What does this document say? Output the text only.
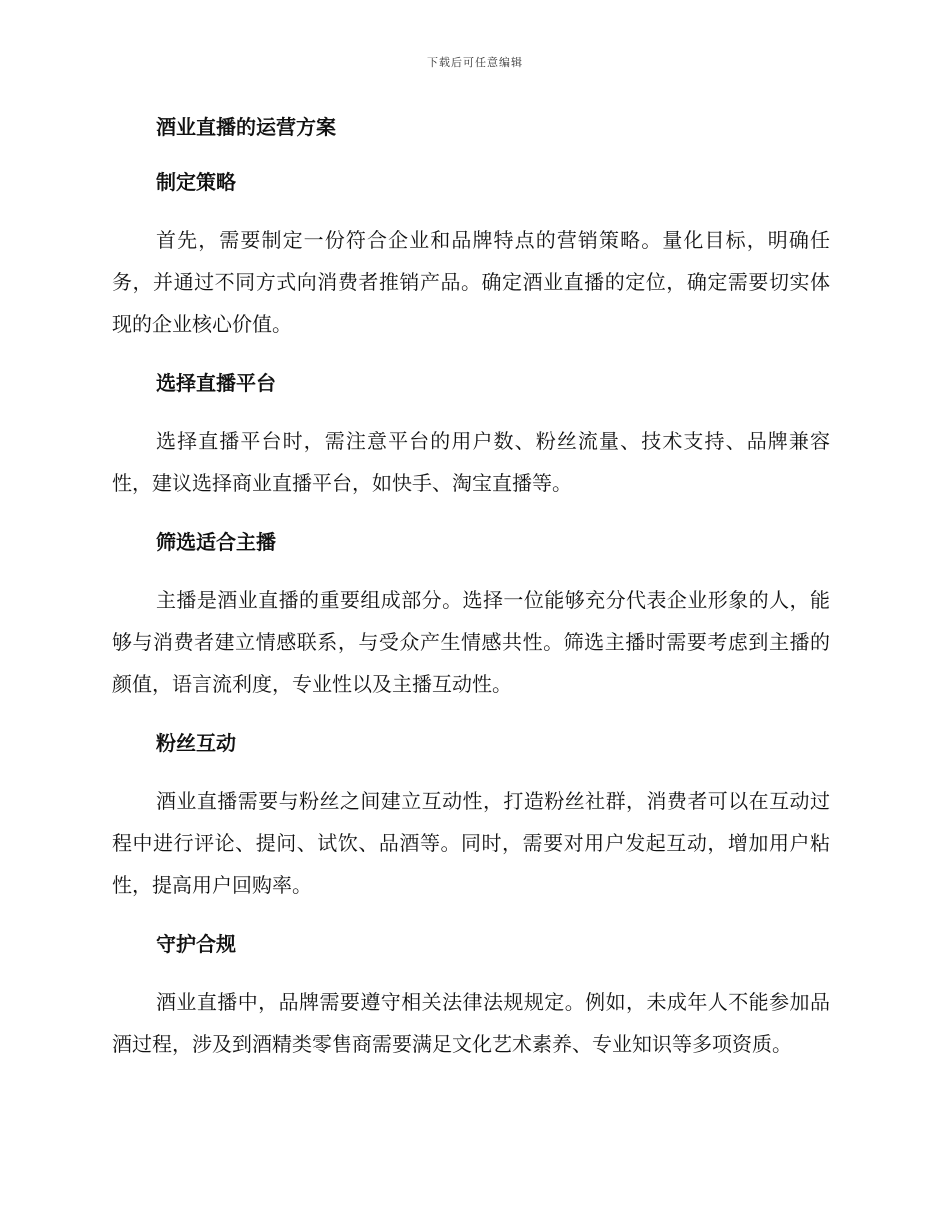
下载后可任意编辑
酒业直播的运营方案
制定策略

首先，需要制定一份符合企业和品牌特点的营销策略。量化目标，明确任务，并通过不同方式向消费者推销产品。确定酒业直播的定位，确定需要切实体现的企业核心价值。

选择直播平台

选择直播平台时，需注意平台的用户数、粉丝流量、技术支持、品牌兼容性，建议选择商业直播平台，如快手、淘宝直播等。

筛选适合主播

主播是酒业直播的重要组成部分。选择一位能够充分代表企业形象的人，能够与消费者建立情感联系，与受众产生情感共性。筛选主播时需要考虑到主播的颜值，语言流利度，专业性以及主播互动性。

粉丝互动

酒业直播需要与粉丝之间建立互动性，打造粉丝社群，消费者可以在互动过程中进行评论、提问、试饮、品酒等。同时，需要对用户发起互动，增加用户粘性，提高用户回购率。

守护合规

酒业直播中，品牌需要遵守相关法律法规规定。例如，未成年人不能参加品酒过程，涉及到酒精类零售商需要满足文化艺术素养、专业知识等多项资质。
